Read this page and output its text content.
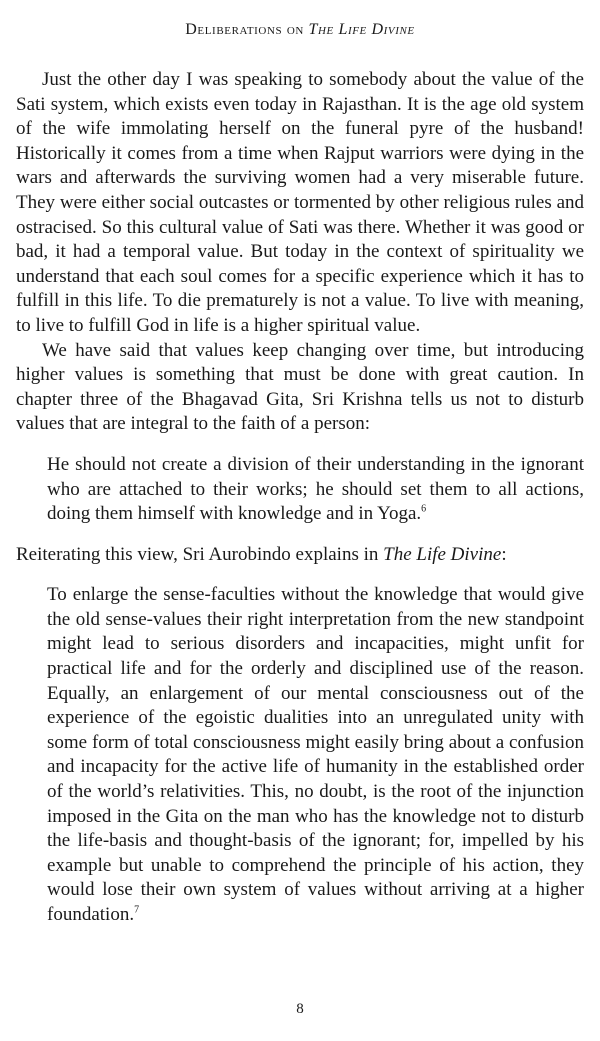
Deliberations on The Life Divine

Just the other day I was speaking to somebody about the value of the Sati system, which exists even today in Rajasthan. It is the age old system of the wife immolating herself on the funeral pyre of the husband! Historically it comes from a time when Rajput warriors were dying in the wars and afterwards the surviving women had a very miserable future. They were either social outcastes or tormented by other religious rules and ostracised. So this cultural value of Sati was there. Whether it was good or bad, it had a temporal value. But today in the context of spirituality we understand that each soul comes for a specific experience which it has to fulfill in this life. To die prematurely is not a value. To live with meaning, to live to fulfill God in life is a higher spiritual value.

We have said that values keep changing over time, but introducing higher values is something that must be done with great caution. In chapter three of the Bhagavad Gita, Sri Krishna tells us not to disturb values that are integral to the faith of a person:

He should not create a division of their understanding in the ignorant who are attached to their works; he should set them to all actions, doing them himself with knowledge and in Yoga.$^6$

Reiterating this view, Sri Aurobindo explains in The Life Divine:

To enlarge the sense-faculties without the knowledge that would give the old sense-values their right interpretation from the new standpoint might lead to serious disorders and incapacities, might unfit for practical life and for the orderly and disciplined use of the reason. Equally, an enlargement of our mental consciousness out of the experience of the egoistic dualities into an unregulated unity with some form of total consciousness might easily bring about a confusion and incapacity for the active life of humanity in the established order of the world’s relativities. This, no doubt, is the root of the injunction imposed in the Gita on the man who has the knowledge not to disturb the life-basis and thought-basis of the ignorant; for, impelled by his example but unable to comprehend the principle of his action, they would lose their own system of values without arriving at a higher foundation.$^7$

8
